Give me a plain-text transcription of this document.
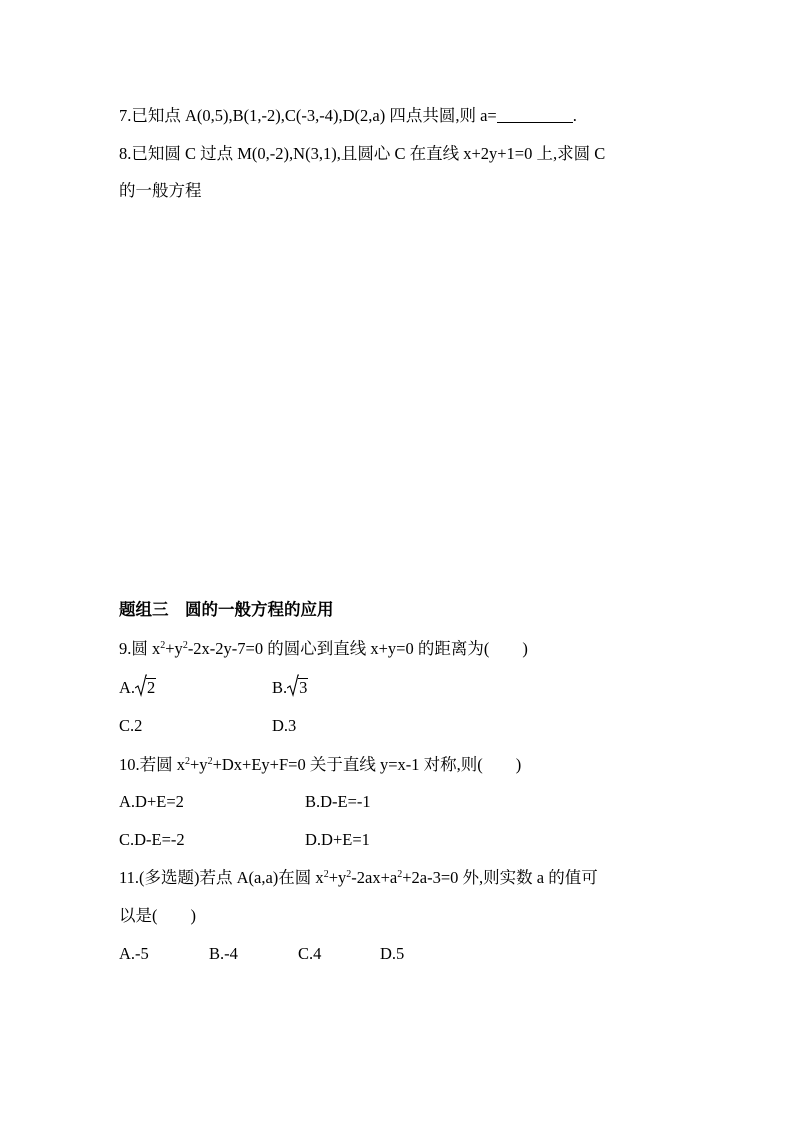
7.已知点 A(0,5),B(1,-2),C(-3,-4),D(2,a) 四点共圆,则 a=	.
8.已知圆 C 过点 M(0,-2),N(3,1),且圆心 C 在直线 x+2y+1=0 上,求圆 C
的一般方程
题组三　圆的一般方程的应用
9.圆 $x^2+y^2-2x-2y-7=0$ 的圆心到直线 x+y=0 的距离为(　　)
A. 2	B. 3
C.2	D.3
10.若圆 $x^2+y^2+Dx+Ey+F=0$ 关于直线 y=x-1 对称,则(　　)
A.D+E=2	B.D-E=-1
C.D-E=-2	D.D+E=1
11.(多选题)若点 A(a,a)在圆 $x^2+y^2-2ax+a^2+2a-3=0$ 外,则实数 a 的值可
以是(　　)
A.-5	B.-4	C.4	D.5
